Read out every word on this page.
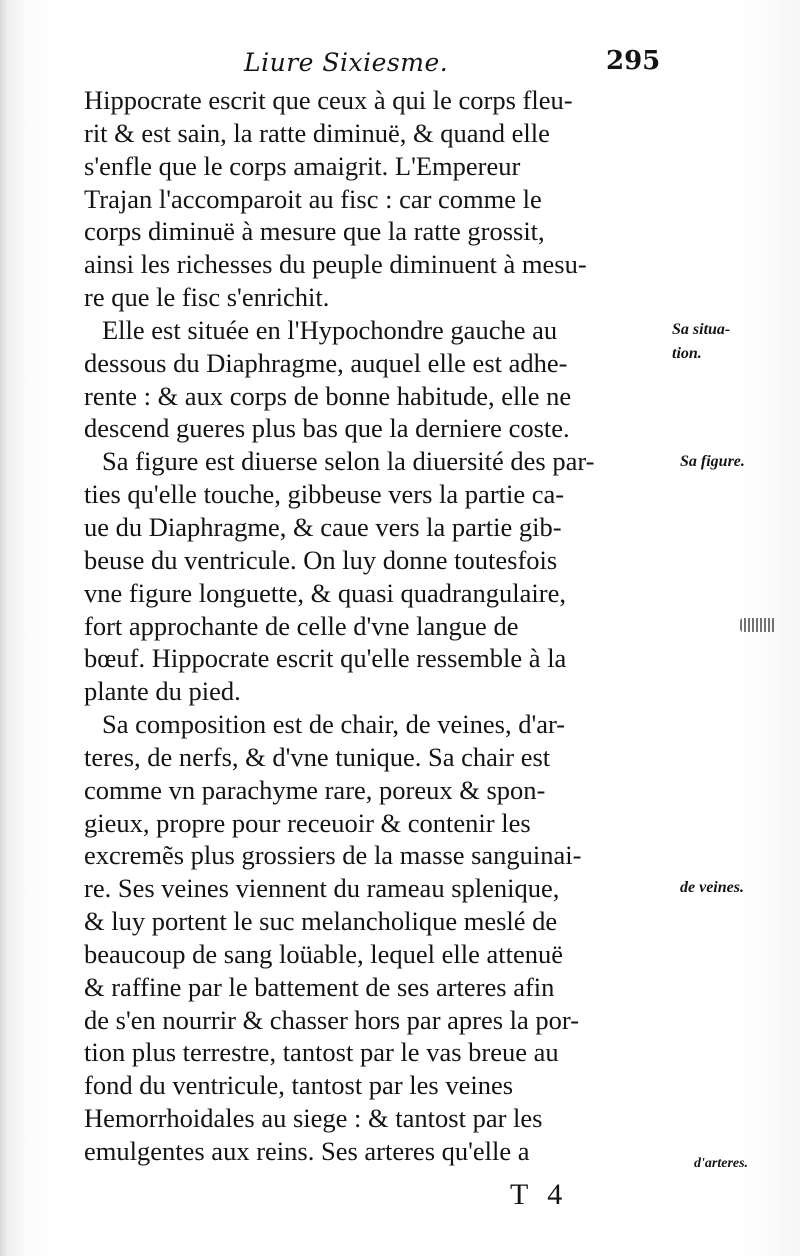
Liure Sixiesme.	295
Hippocrate escrit que ceux à qui le corps fleu-
rit & est sain, la ratte diminuë, & quand elle
s'enfle que le corps amaigrit. L'Empereur
Trajan l'accomparoit au fisc : car comme le
corps diminuë à mesure que la ratte grossit,
ainsi les richesses du peuple diminuent à mesu-
re que le fisc s'enrichit.
Elle est située en l'Hypochondre gauche au
dessous du Diaphragme, auquel elle est adhe-
rente : & aux corps de bonne habitude, elle ne
descend gueres plus bas que la derniere coste.
Sa figure est diuerse selon la diuersité des par-
ties qu'elle touche, gibbeuse vers la partie ca-
ue du Diaphragme, & caue vers la partie gib-
beuse du ventricule. On luy donne toutesfois
vne figure longuette, & quasi quadrangulaire,
fort approchante de celle d'vne langue de
bœuf. Hippocrate escrit qu'elle ressemble à la
plante du pied.
Sa composition est de chair, de veines, d'ar-
teres, de nerfs, & d'vne tunique. Sa chair est
comme vn parachyme rare, poreux & spon-
gieux, propre pour receuoir & contenir les
excremẽs plus grossiers de la masse sanguinai-
re. Ses veines viennent du rameau splenique,
& luy portent le suc melancholique meslé de
beaucoup de sang loüable, lequel elle attenuë
& raffine par le battement de ses arteres afin
de s'en nourrir & chasser hors par apres la por-
tion plus terrestre, tantost par le vas breue au
fond du ventricule, tantost par les veines
Hemorrhoidales au siege : & tantost par les
emulgentes aux reins. Ses arteres qu'elle a
Sa situa-
tion.
Sa figure.
de veines.
d'arteres.
T 4
